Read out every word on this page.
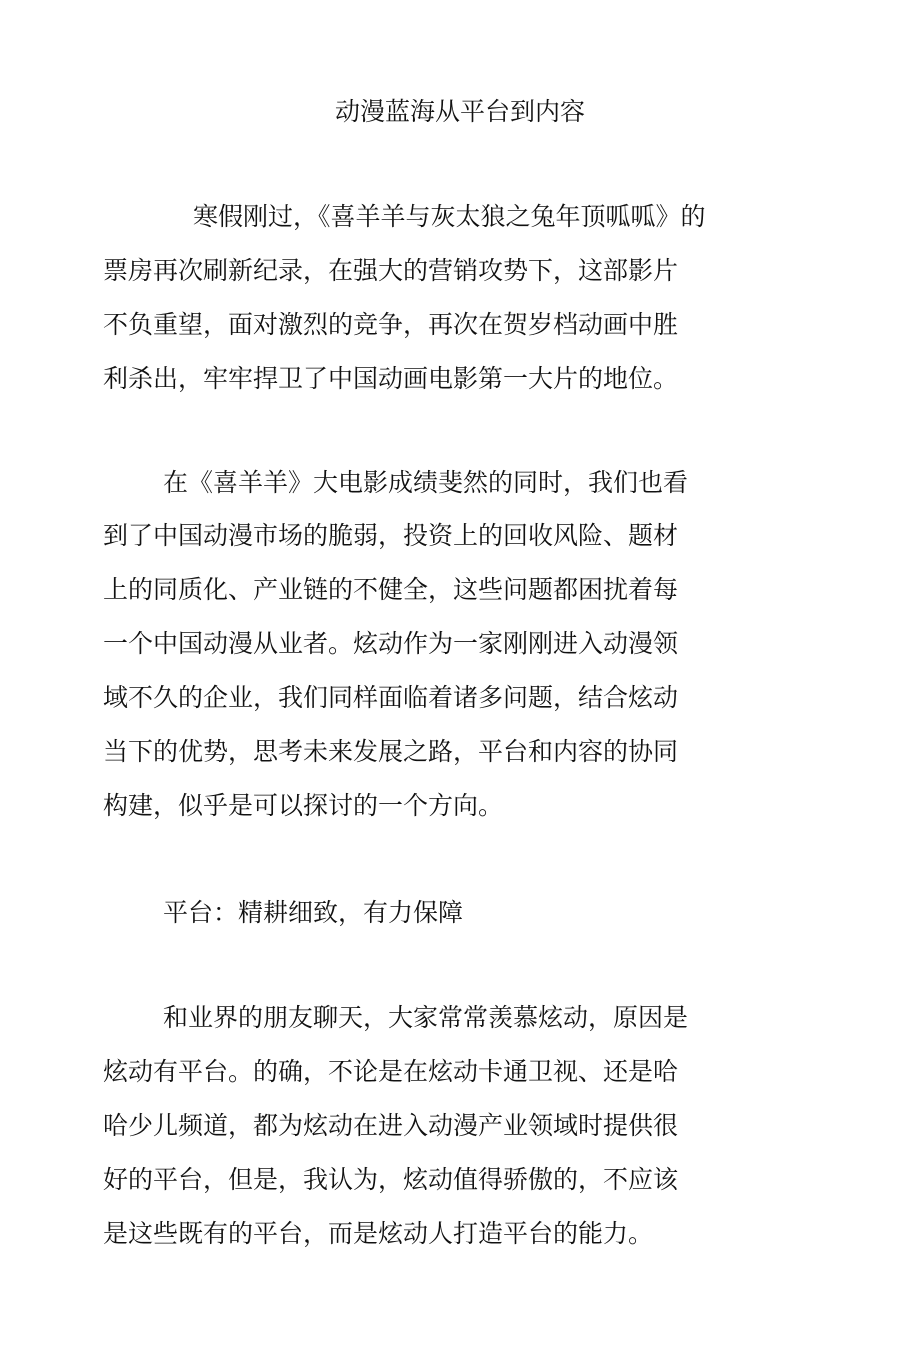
动漫蓝海从平台到内容

寒假刚过，《喜羊羊与灰太狼之兔年顶呱呱》的

票房再次刷新纪录，在强大的营销攻势下，这部影片

不负重望，面对激烈的竞争，再次在贺岁档动画中胜

利杀出，牢牢捍卫了中国动画电影第一大片的地位。

在《喜羊羊》大电影成绩斐然的同时，我们也看

到了中国动漫市场的脆弱，投资上的回收风险、题材

上的同质化、产业链的不健全，这些问题都困扰着每

一个中国动漫从业者。炫动作为一家刚刚进入动漫领

域不久的企业，我们同样面临着诸多问题，结合炫动

当下的优势，思考未来发展之路，平台和内容的协同

构建，似乎是可以探讨的一个方向。

平台：精耕细致，有力保障

和业界的朋友聊天，大家常常羡慕炫动，原因是

炫动有平台。的确，不论是在炫动卡通卫视、还是哈

哈少儿频道，都为炫动在进入动漫产业领域时提供很

好的平台，但是，我认为，炫动值得骄傲的，不应该

是这些既有的平台，而是炫动人打造平台的能力。
